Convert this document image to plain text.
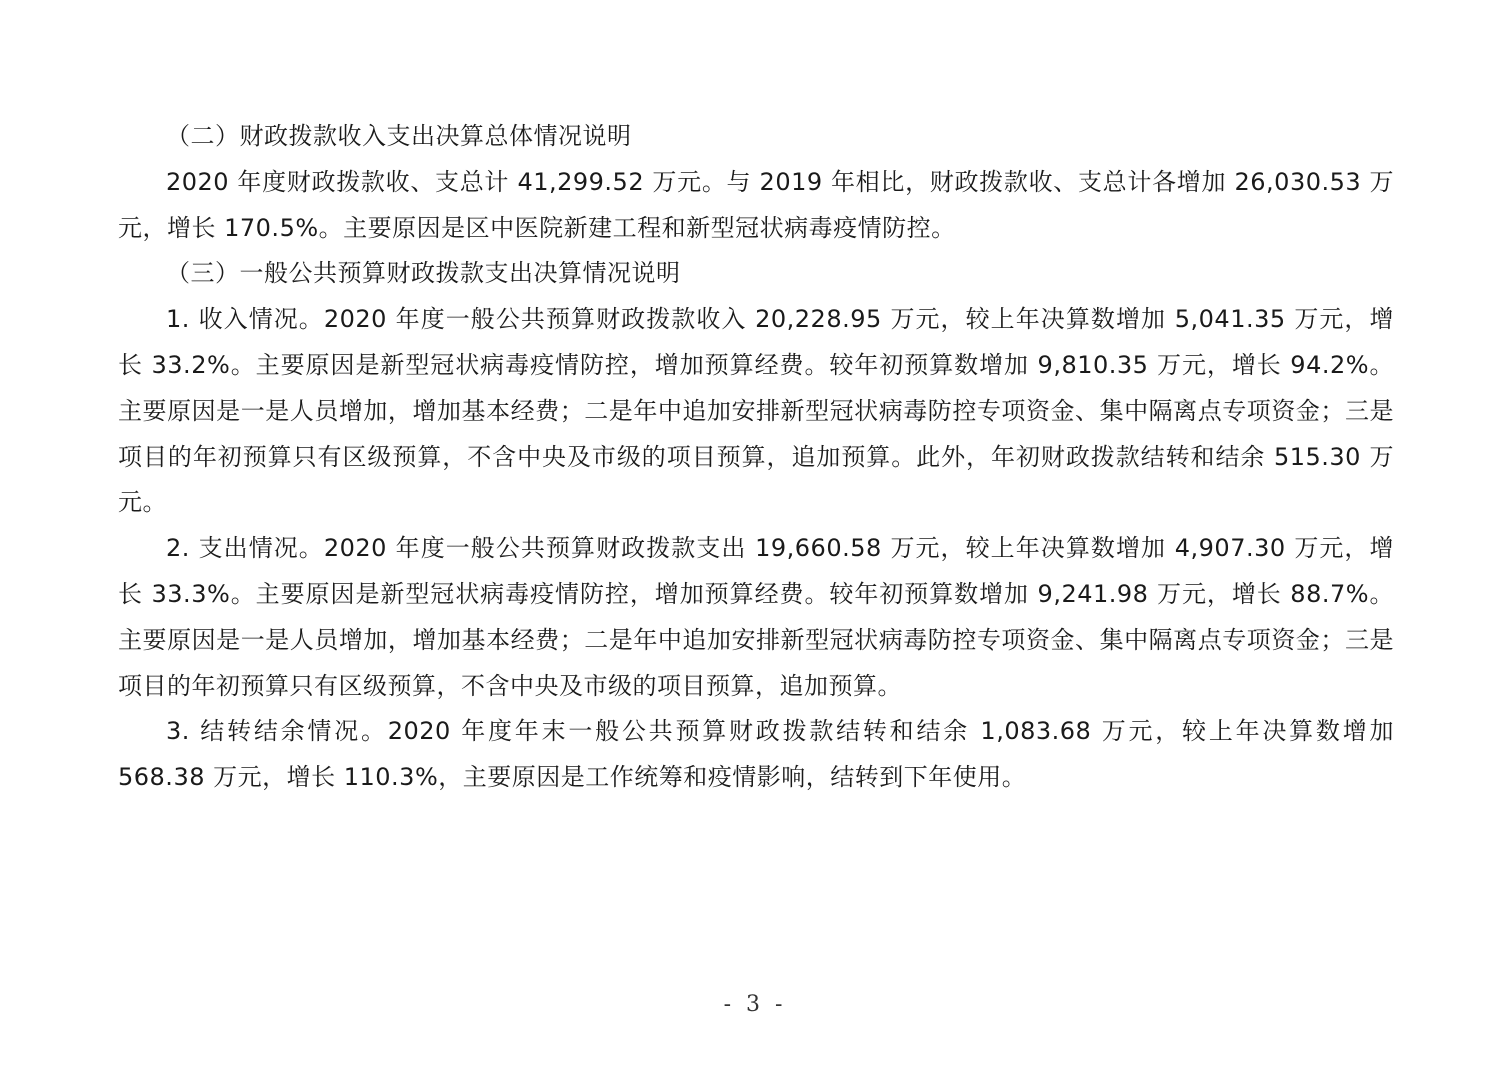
（二）财政拨款收入支出决算总体情况说明

2020 年度财政拨款收、支总计 41,299.52 万元。与 2019 年相比，财政拨款收、支总计各增加 26,030.53 万元，增长 170.5%。主要原因是区中医院新建工程和新型冠状病毒疫情防控。

（三）一般公共预算财政拨款支出决算情况说明

1. 收入情况。2020 年度一般公共预算财政拨款收入 20,228.95 万元，较上年决算数增加 5,041.35 万元，增长 33.2%。主要原因是新型冠状病毒疫情防控，增加预算经费。较年初预算数增加 9,810.35 万元，增长 94.2%。主要原因是一是人员增加，增加基本经费；二是年中追加安排新型冠状病毒防控专项资金、集中隔离点专项资金；三是项目的年初预算只有区级预算，不含中央及市级的项目预算，追加预算。此外，年初财政拨款结转和结余 515.30 万元。

2. 支出情况。2020 年度一般公共预算财政拨款支出 19,660.58 万元，较上年决算数增加 4,907.30 万元，增长 33.3%。主要原因是新型冠状病毒疫情防控，增加预算经费。较年初预算数增加 9,241.98 万元，增长 88.7%。主要原因是一是人员增加，增加基本经费；二是年中追加安排新型冠状病毒防控专项资金、集中隔离点专项资金；三是项目的年初预算只有区级预算，不含中央及市级的项目预算，追加预算。

3. 结转结余情况。2020 年度年末一般公共预算财政拨款结转和结余 1,083.68 万元，较上年决算数增加 568.38 万元，增长 110.3%，主要原因是工作统筹和疫情影响，结转到下年使用。

- 3 -
